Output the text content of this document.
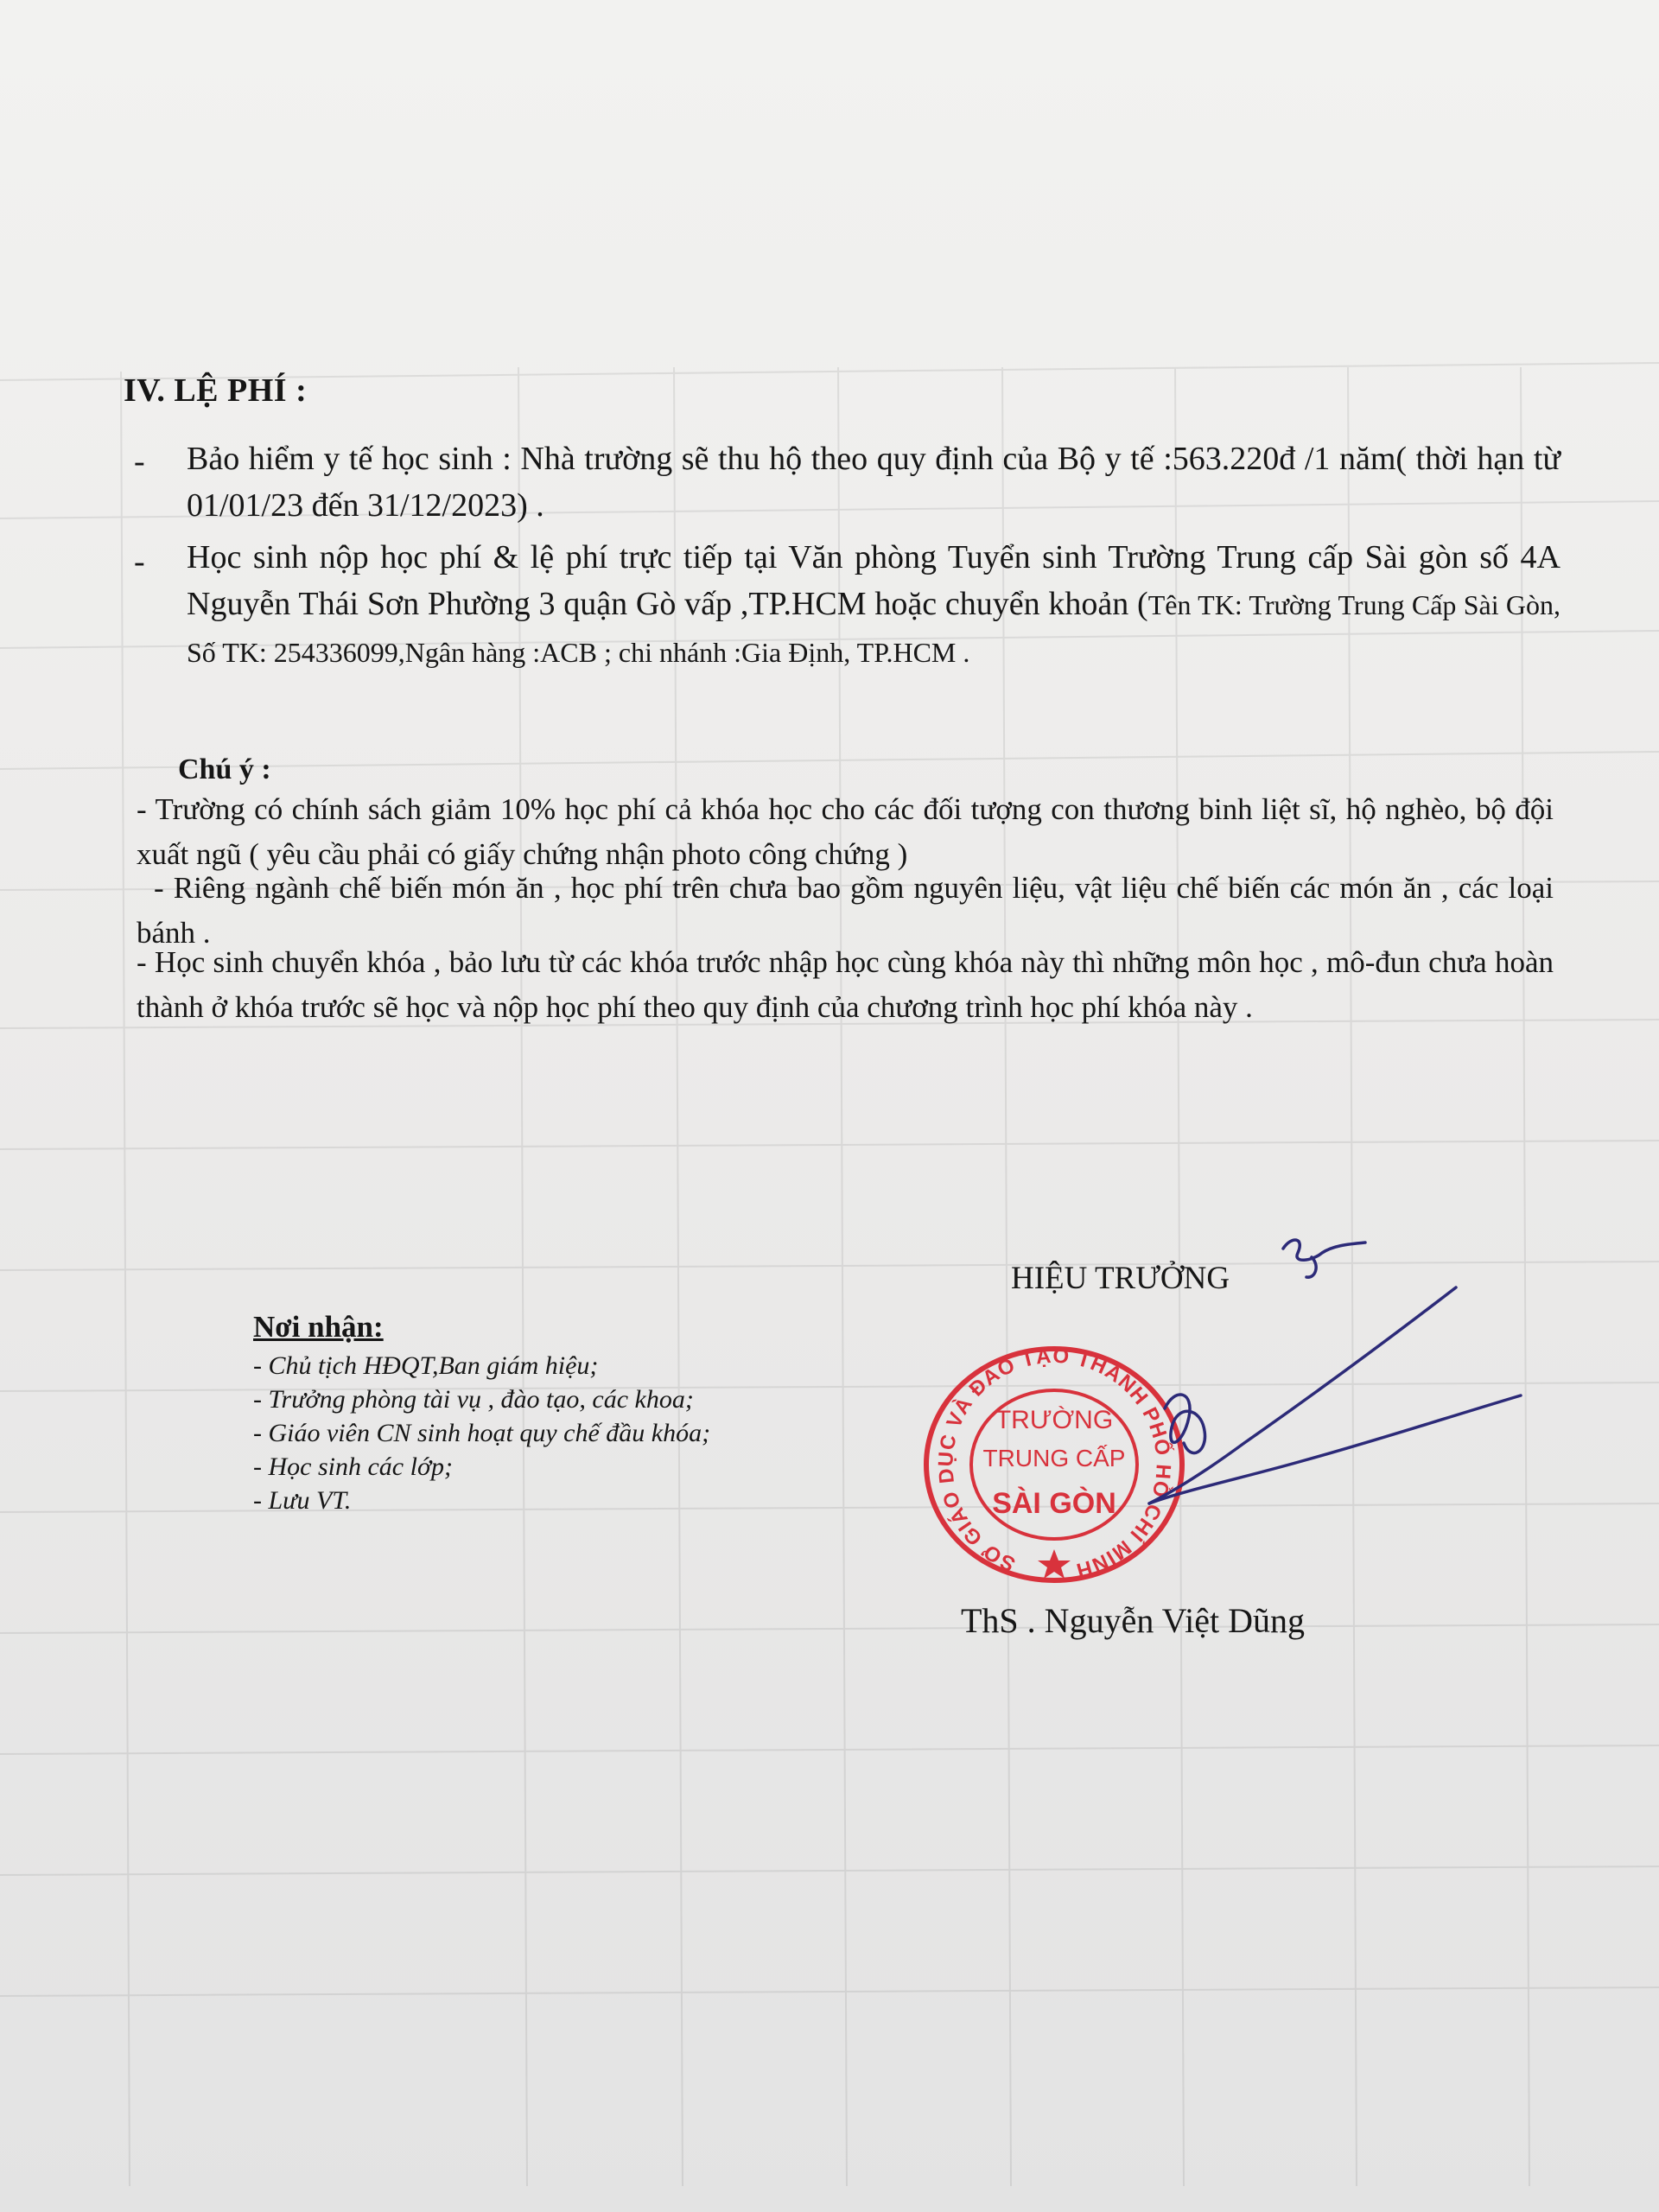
IV. LỆ PHÍ :
- Bảo hiểm y tế học sinh : Nhà trường sẽ thu hộ theo quy định của Bộ y tế :563.220đ /1 năm( thời hạn từ 01/01/23 đến 31/12/2023) .
- Học sinh nộp học phí & lệ phí trực tiếp tại Văn phòng Tuyển sinh Trường Trung cấp Sài gòn số 4A Nguyễn Thái Sơn Phường 3 quận Gò vấp ,TP.HCM hoặc chuyển khoản (Tên TK: Trường Trung Cấp Sài Gòn, Số TK: 254336099,Ngân hàng :ACB ; chi nhánh :Gia Định, TP.HCM .
Chú ý :
- Trường có chính sách giảm 10% học phí cả khóa học cho các đối tượng con thương binh liệt sĩ, hộ nghèo, bộ đội xuất ngũ ( yêu cầu phải có giấy chứng nhận photo công chứng )
- Riêng ngành chế biến món ăn , học phí trên chưa bao gồm nguyên liệu, vật liệu chế biến các món ăn , các loại bánh .
- Học sinh chuyển khóa , bảo lưu từ các khóa trước nhập học cùng khóa này thì những môn học , mô-đun chưa hoàn thành ở khóa trước sẽ học và nộp học phí theo quy định của chương trình học phí khóa này .
Nơi nhận:
- Chủ tịch HĐQT,Ban giám hiệu;
- Trưởng phòng tài vụ , đào tạo, các khoa;
- Giáo viên CN sinh hoạt quy chế đầu khóa;
- Học sinh các lớp;
- Lưu VT.
HIỆU TRƯỞNG
SỞ GIÁO DỤC VÀ ĐÀO TẠO THÀNH PHỐ HỒ CHÍ MINH
TRƯỜNG
TRUNG CẤP
SÀI GÒN
ThS . Nguyễn Việt Dũng
